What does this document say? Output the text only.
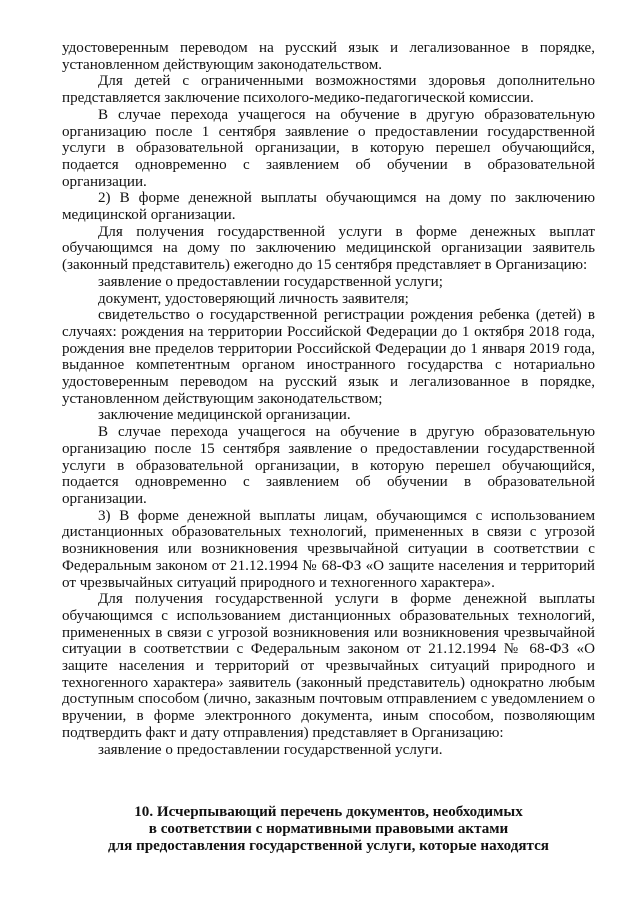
удостоверенным переводом на русский язык и легализованное в порядке, установленном действующим законодательством.

Для детей с ограниченными возможностями здоровья дополнительно представляется заключение психолого-медико-педагогической комиссии.

В случае перехода учащегося на обучение в другую образовательную организацию после 1 сентября заявление о предоставлении государственной услуги в образовательной организации, в которую перешел обучающийся, подается одновременно с заявлением об обучении в образовательной организации.

2) В форме денежной выплаты обучающимся на дому по заключению медицинской организации.

Для получения государственной услуги в форме денежных выплат обучающимся на дому по заключению медицинской организации заявитель (законный представитель) ежегодно до 15 сентября представляет в Организацию:

заявление о предоставлении государственной услуги;

документ, удостоверяющий личность заявителя;

свидетельство о государственной регистрации рождения ребенка (детей) в случаях: рождения на территории Российской Федерации до 1 октября 2018 года, рождения вне пределов территории Российской Федерации до 1 января 2019 года, выданное компетентным органом иностранного государства с нотариально удостоверенным переводом на русский язык и легализованное в порядке, установленном действующим законодательством;

заключение медицинской организации.

В случае перехода учащегося на обучение в другую образовательную организацию после 15 сентября заявление о предоставлении государственной услуги в образовательной организации, в которую перешел обучающийся, подается одновременно с заявлением об обучении в образовательной организации.

3) В форме денежной выплаты лицам, обучающимся с использованием дистанционных образовательных технологий, примененных в связи с угрозой возникновения или возникновения чрезвычайной ситуации в соответствии с Федеральным законом от 21.12.1994 № 68-ФЗ «О защите населения и территорий от чрезвычайных ситуаций природного и техногенного характера».

Для получения государственной услуги в форме денежной выплаты обучающимся с использованием дистанционных образовательных технологий, примененных в связи с угрозой возникновения или возникновения чрезвычайной ситуации в соответствии с Федеральным законом от 21.12.1994 № 68-ФЗ «О защите населения и территорий от чрезвычайных ситуаций природного и техногенного характера» заявитель (законный представитель) однократно любым доступным способом (лично, заказным почтовым отправлением с уведомлением о вручении, в форме электронного документа, иным способом, позволяющим подтвердить факт и дату отправления) представляет в Организацию:

заявление о предоставлении государственной услуги.

10. Исчерпывающий перечень документов, необходимых
в соответствии с нормативными правовыми актами
для предоставления государственной услуги, которые находятся
